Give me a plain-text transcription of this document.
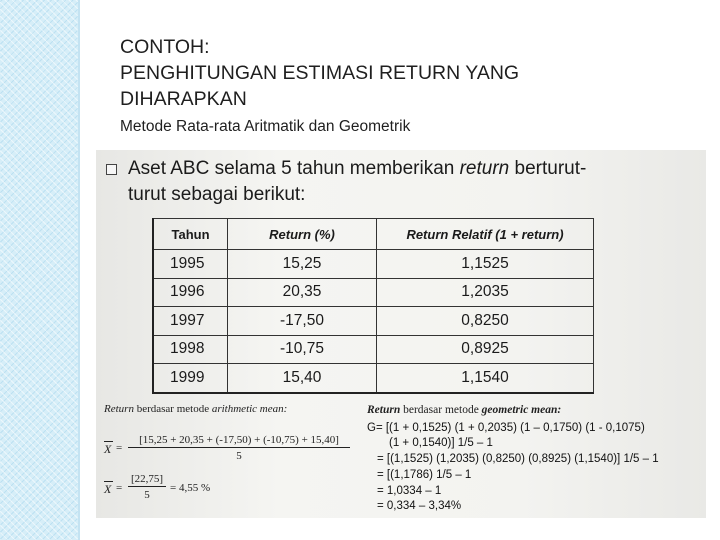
CONTOH:
PENGHITUNGAN ESTIMASI RETURN YANG
DIHARAPKAN
Metode Rata-rata Aritmatik dan Geometrik
Aset ABC selama 5 tahun memberikan return berturut-
turut sebagai berikut:
Tahun	Return (%)	Return Relatif (1 + return)
1995	15,25	1,1525
1996	20,35	1,2035
1997	-17,50	0,8250
1998	-10,75	0,8925
1999	15,40	1,1540
Return berdasar metode arithmetic mean:
$X = \frac{[15,25 + 20,35 + (-17,50) + (-10,75) + 15,40]}{5}$
$X = \frac{[22,75]}{5} = 4,55$ %
Return berdasar metode geometric mean:
G= [(1 + 0,1525) (1 + 0,2035) (1 – 0,1750) (1 - 0,1075)
(1 + 0,1540)] 1/5 – 1
= [(1,1525) (1,2035) (0,8250) (0,8925) (1,1540)] 1/5 – 1
= [(1,1786) 1/5 – 1
= 1,0334 – 1
= 0,334 – 3,34%
